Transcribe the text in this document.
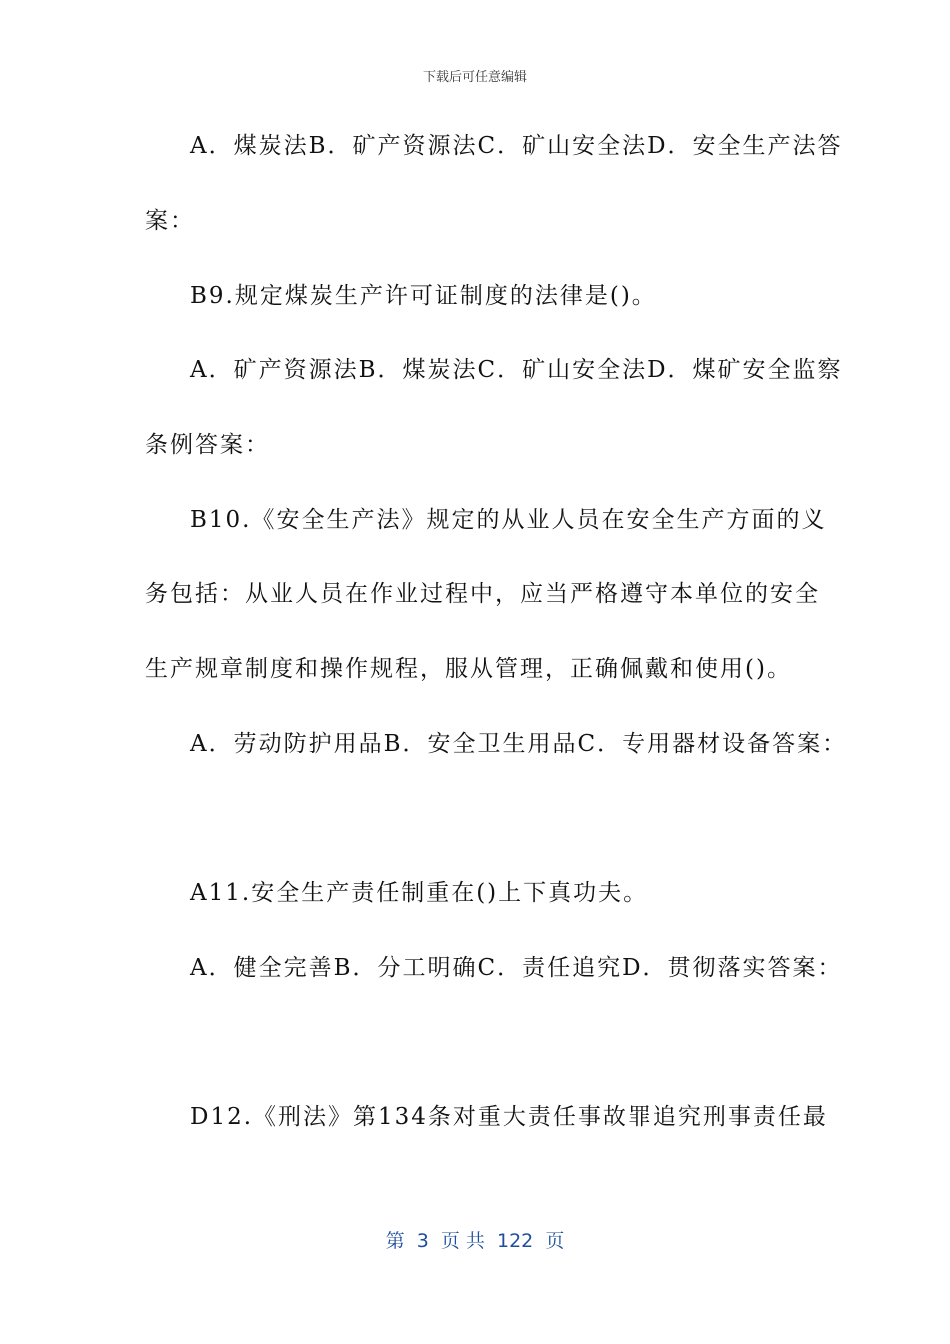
下载后可任意编辑
A．煤炭法B．矿产资源法C．矿山安全法D．安全生产法答
案：
B9.规定煤炭生产许可证制度的法律是()。
A．矿产资源法B．煤炭法C．矿山安全法D．煤矿安全监察
条例答案：
B10.《安全生产法》规定的从业人员在安全生产方面的义
务包括：从业人员在作业过程中，应当严格遵守本单位的安全
生产规章制度和操作规程，服从管理，正确佩戴和使用()。
A．劳动防护用品B．安全卫生用品C．专用器材设备答案：
A11.安全生产责任制重在()上下真功夫。
A．健全完善B．分工明确C．责任追究D．贯彻落实答案：
D12.《刑法》第134条对重大责任事故罪追究刑事责任最
第  3  页 共  122  页
